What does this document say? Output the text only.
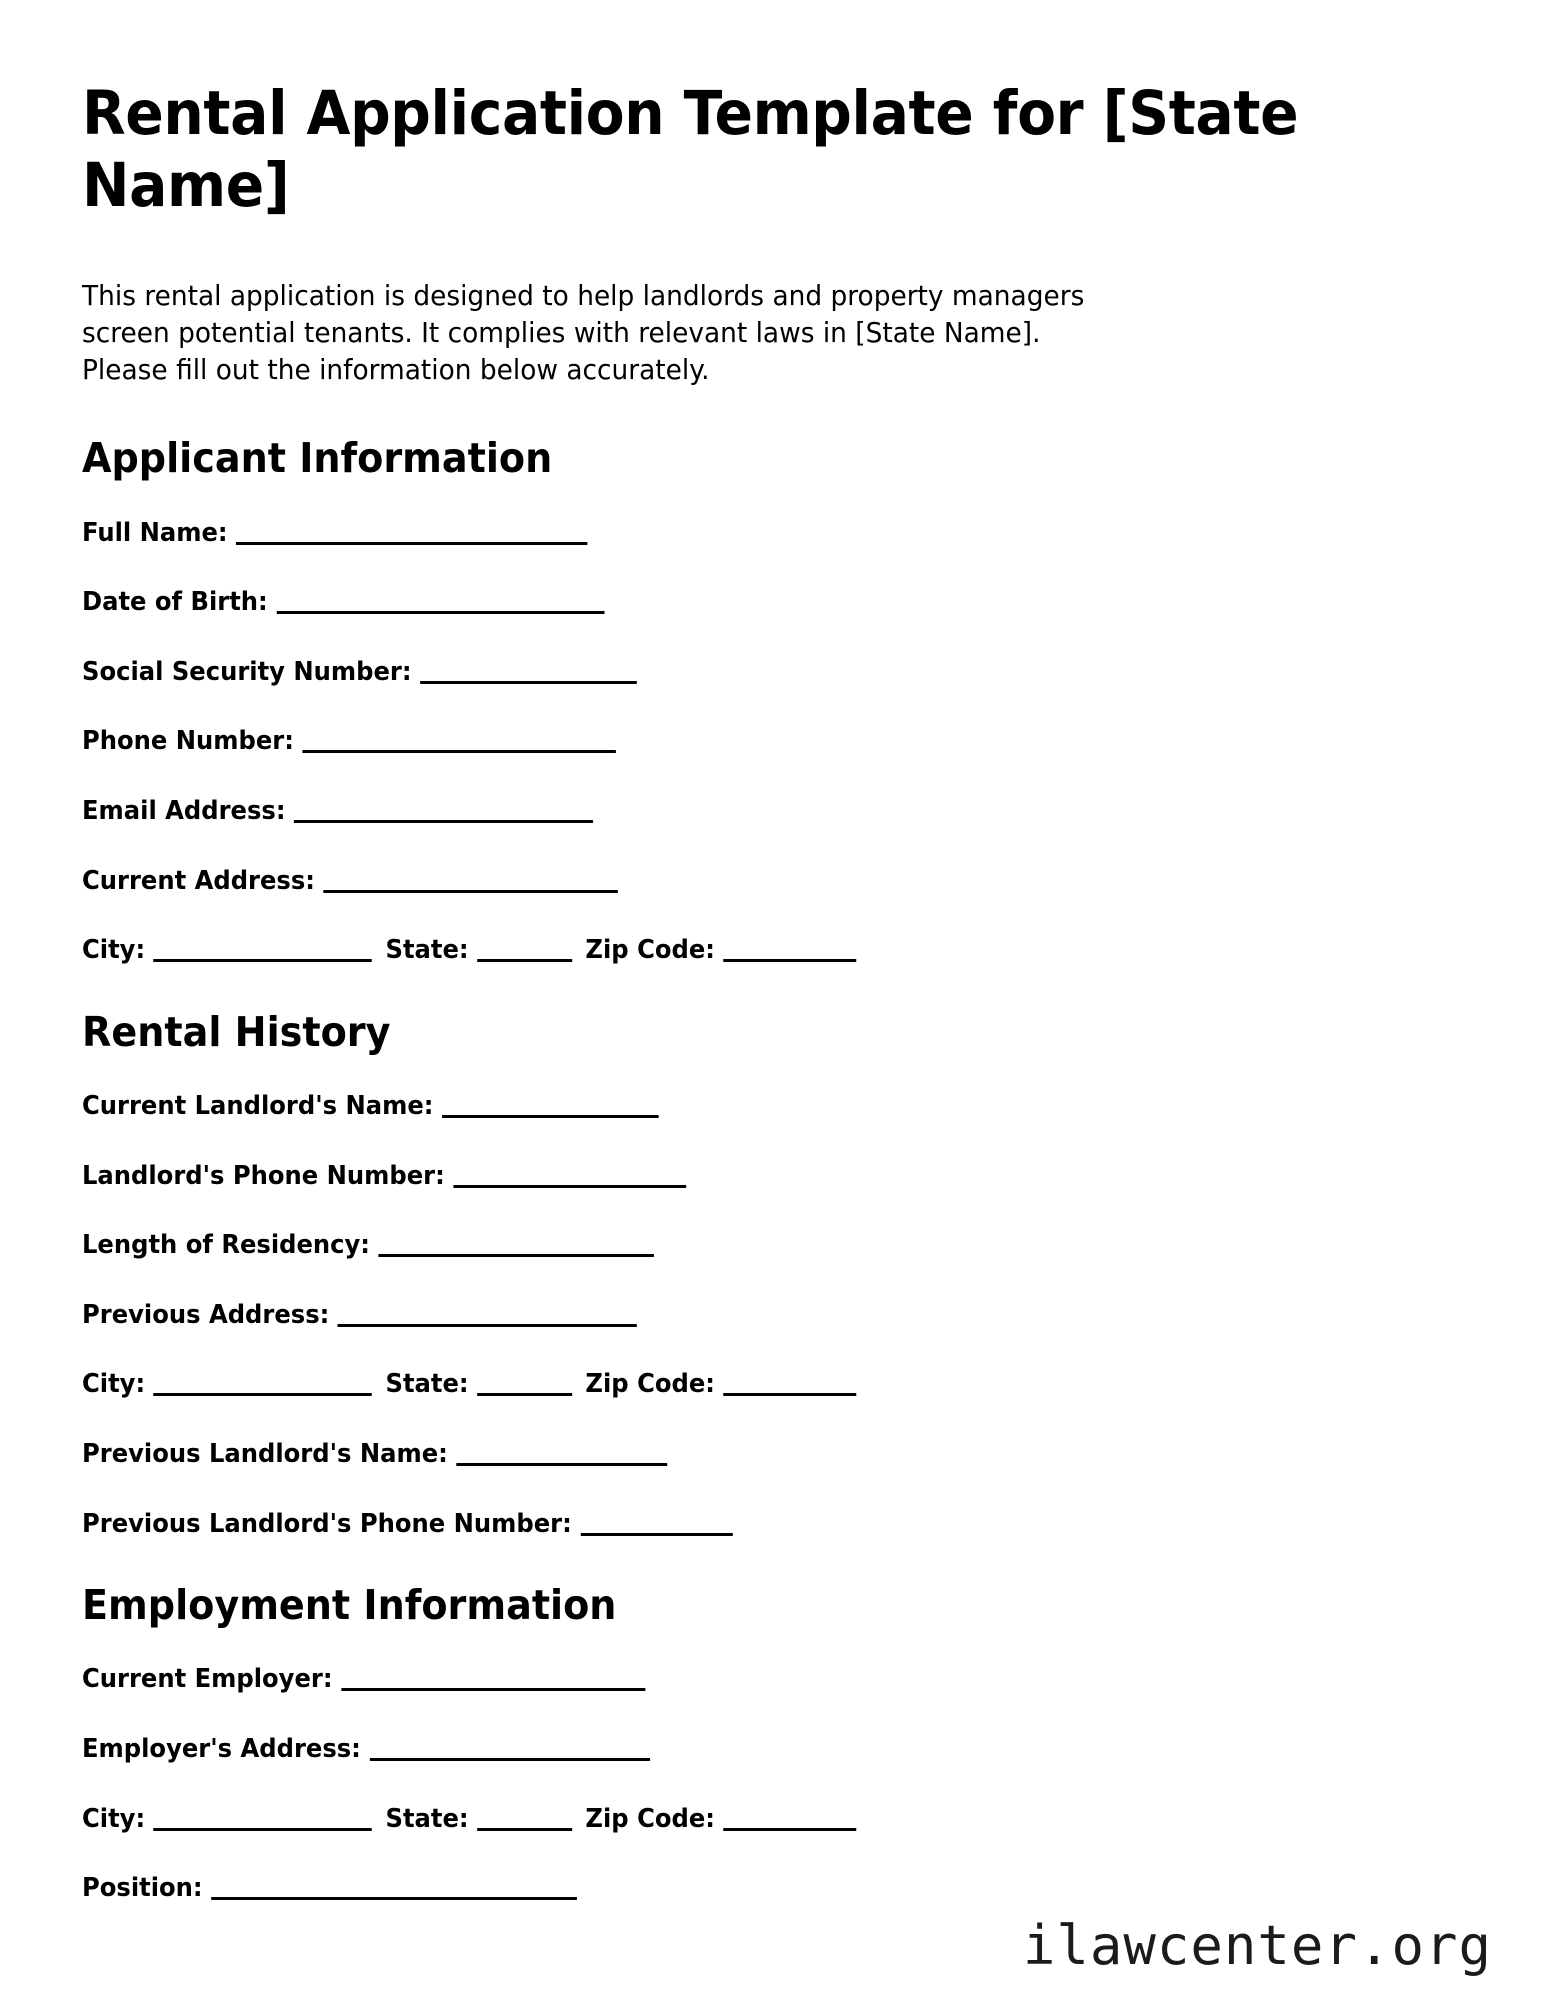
Rental Application Template for [State Name]

This rental application is designed to help landlords and property managers screen potential tenants. It complies with relevant laws in [State Name]. Please fill out the information below accurately.

Applicant Information
Full Name:
Date of Birth:
Social Security Number:
Phone Number:
Email Address:
Current Address:
City:	State:	Zip Code:
Rental History
Current Landlord's Name:
Landlord's Phone Number:
Length of Residency:
Previous Address:
City:	State:	Zip Code:
Previous Landlord's Name:
Previous Landlord's Phone Number:
Employment Information
Current Employer:
Employer's Address:
City:	State:	Zip Code:
Position:
ilawcenter.org
